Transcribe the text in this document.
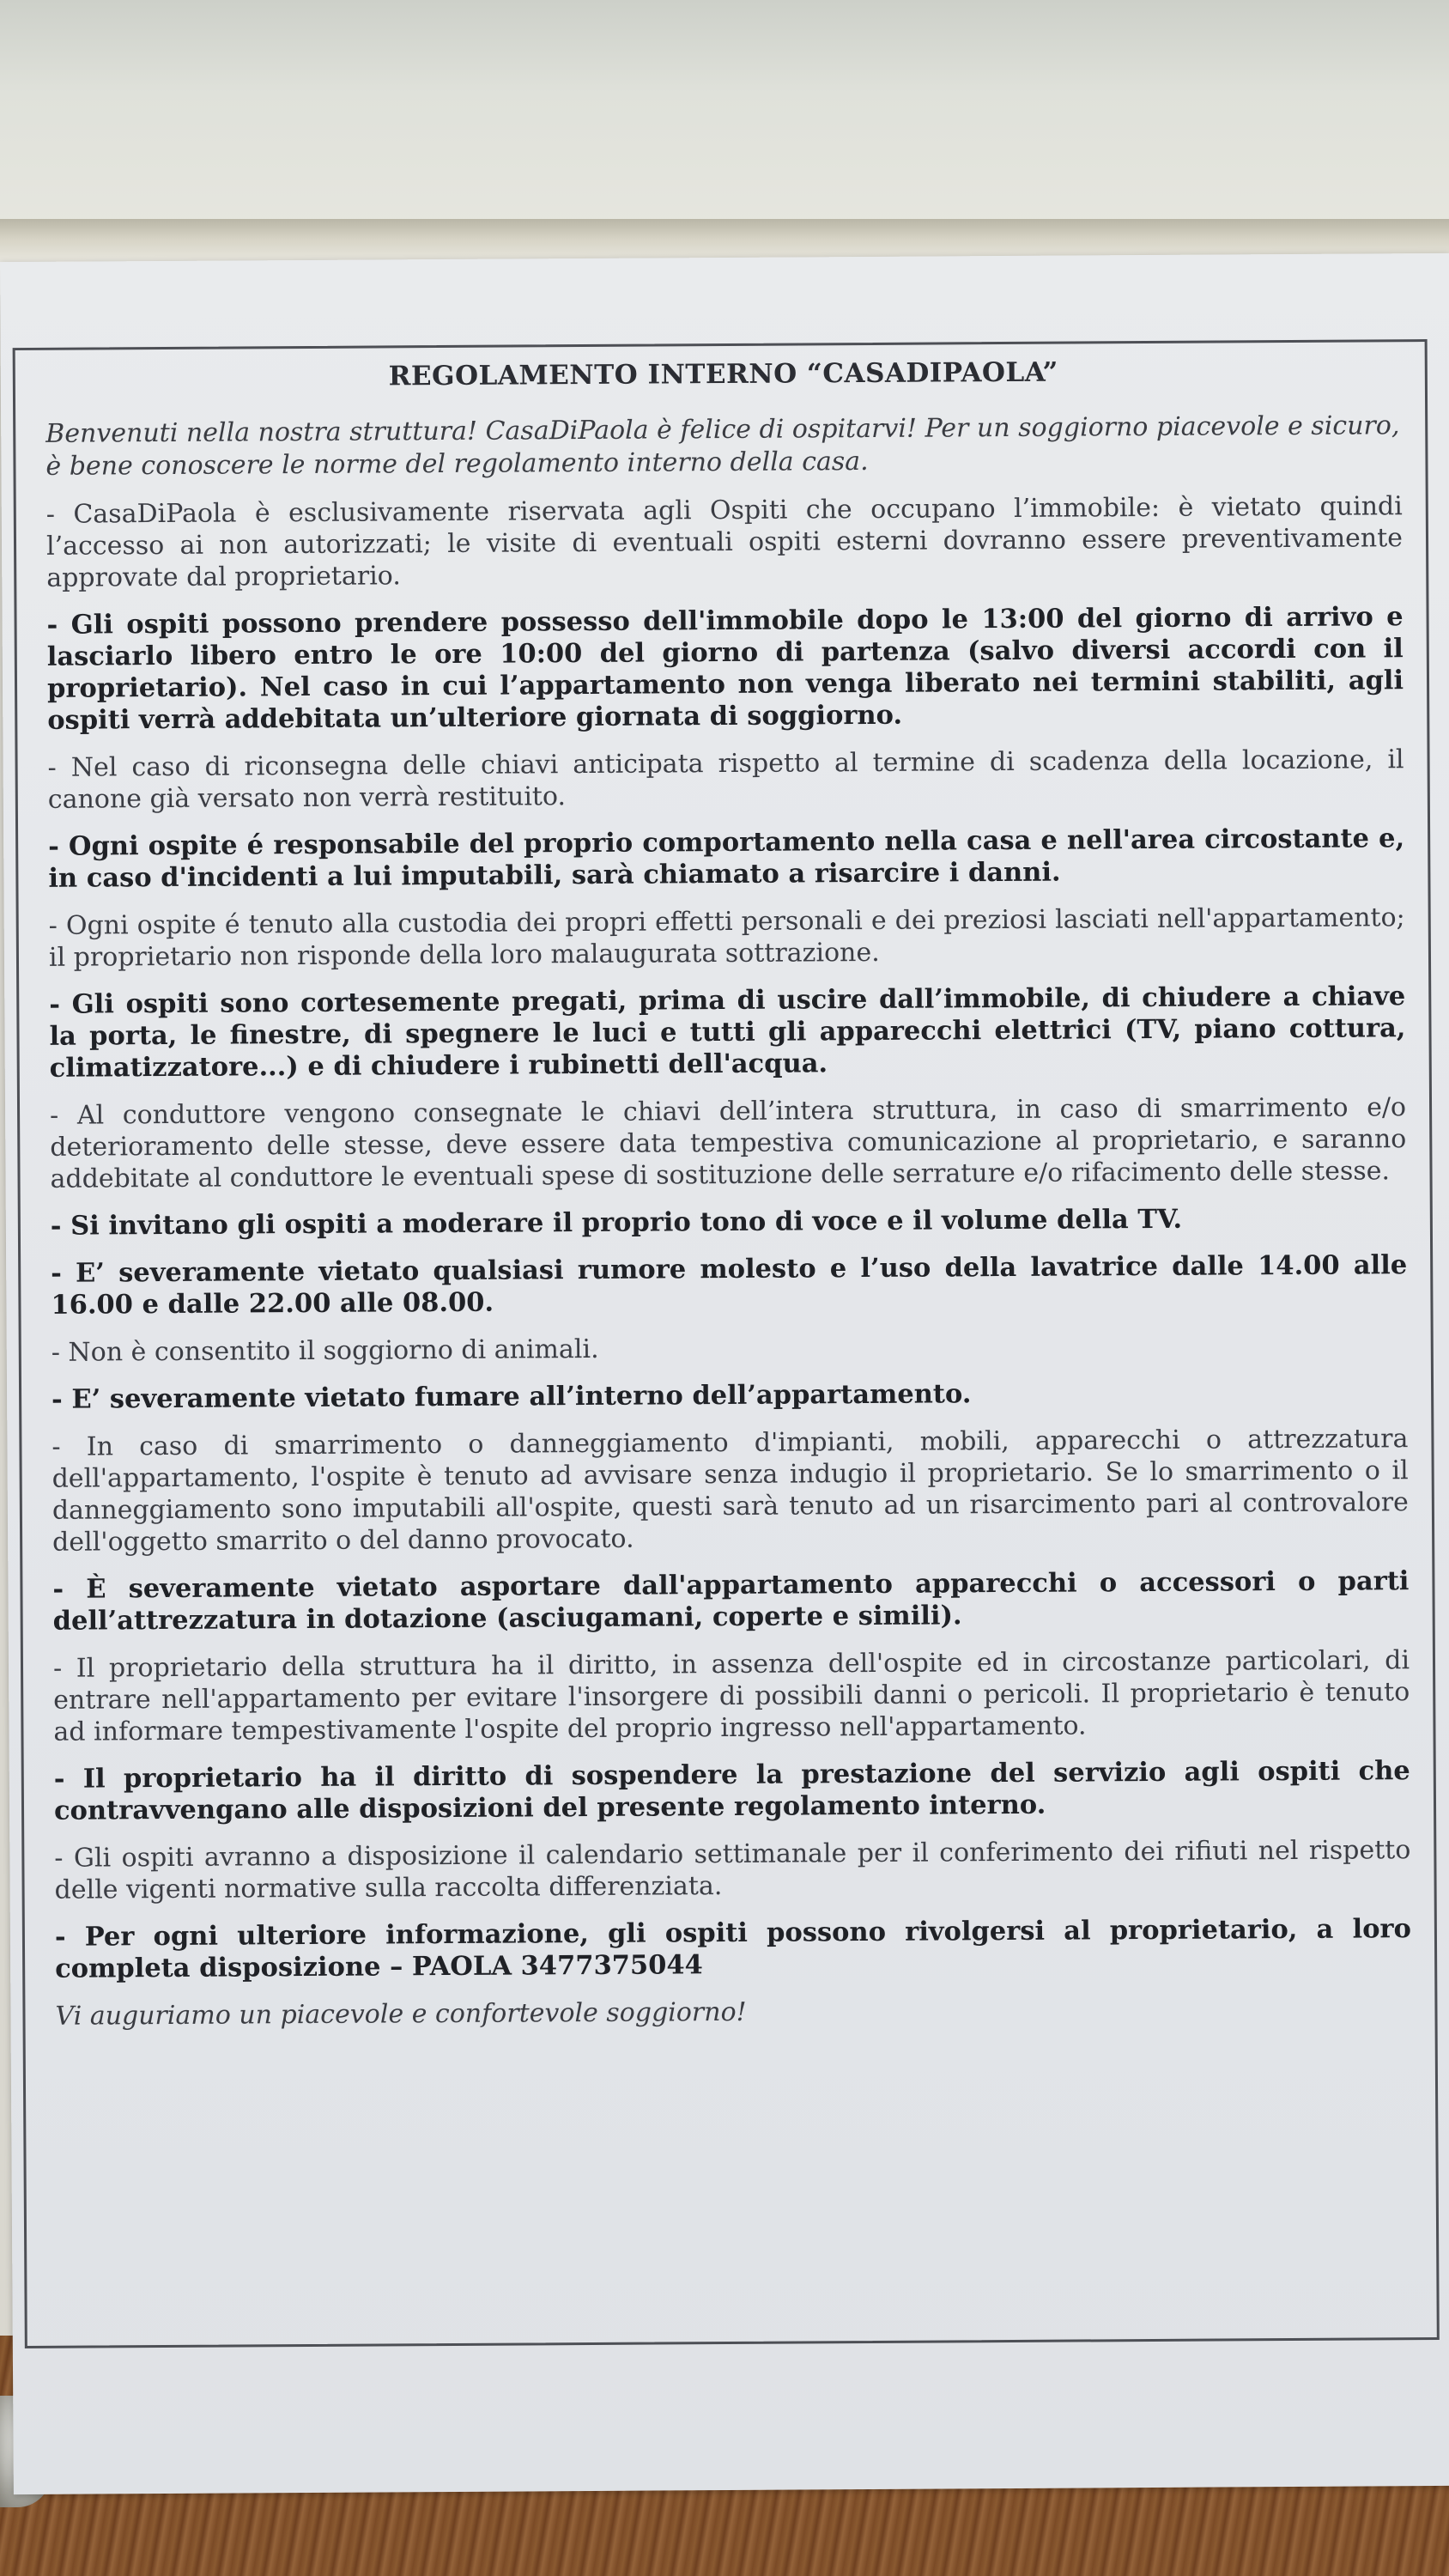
REGOLAMENTO INTERNO “CASADIPAOLA”
Benvenuti nella nostra struttura! CasaDiPaola è felice di ospitarvi! Per un soggiorno piacevole e sicuro, è bene conoscere le norme del regolamento interno della casa.
- CasaDiPaola è esclusivamente riservata agli Ospiti che occupano l’immobile: è vietato quindi l’accesso ai non autorizzati; le visite di eventuali ospiti esterni dovranno essere preventivamente approvate dal proprietario.
- Gli ospiti possono prendere possesso dell'immobile dopo le 13:00 del giorno di arrivo e lasciarlo libero entro le ore 10:00 del giorno di partenza (salvo diversi accordi con il proprietario). Nel caso in cui l’appartamento non venga liberato nei termini stabiliti, agli ospiti verrà addebitata un’ulteriore giornata di soggiorno.
- Nel caso di riconsegna delle chiavi anticipata rispetto al termine di scadenza della locazione, il canone già versato non verrà restituito.
- Ogni ospite é responsabile del proprio comportamento nella casa e nell'area circostante e, in caso d'incidenti a lui imputabili, sarà chiamato a risarcire i danni.
- Ogni ospite é tenuto alla custodia dei propri effetti personali e dei preziosi lasciati nell'appartamento; il proprietario non risponde della loro malaugurata sottrazione.
- Gli ospiti sono cortesemente pregati, prima di uscire dall’immobile, di chiudere a chiave la porta, le finestre, di spegnere le luci e tutti gli apparecchi elettrici (TV, piano cottura, climatizzatore...) e di chiudere i rubinetti dell'acqua.
- Al conduttore vengono consegnate le chiavi dell’intera struttura, in caso di smarrimento e/o deterioramento delle stesse, deve essere data tempestiva comunicazione al proprietario, e saranno addebitate al conduttore le eventuali spese di sostituzione delle serrature e/o rifacimento delle stesse.
- Si invitano gli ospiti a moderare il proprio tono di voce e il volume della TV.
- E’ severamente vietato qualsiasi rumore molesto e l’uso della lavatrice dalle 14.00 alle 16.00 e dalle 22.00 alle 08.00.
- Non è consentito il soggiorno di animali.
- E’ severamente vietato fumare all’interno dell’appartamento.
- In caso di smarrimento o danneggiamento d'impianti, mobili, apparecchi o attrezzatura dell'appartamento, l'ospite è tenuto ad avvisare senza indugio il proprietario. Se lo smarrimento o il danneggiamento sono imputabili all'ospite, questi sarà tenuto ad un risarcimento pari al controvalore dell'oggetto smarrito o del danno provocato.
- È severamente vietato asportare dall'appartamento apparecchi o accessori o parti dell’attrezzatura in dotazione (asciugamani, coperte e simili).
- Il proprietario della struttura ha il diritto, in assenza dell'ospite ed in circostanze particolari, di entrare nell'appartamento per evitare l'insorgere di possibili danni o pericoli. Il proprietario è tenuto ad informare tempestivamente l'ospite del proprio ingresso nell'appartamento.
- Il proprietario ha il diritto di sospendere la prestazione del servizio agli ospiti che contravvengano alle disposizioni del presente regolamento interno.
- Gli ospiti avranno a disposizione il calendario settimanale per il conferimento dei rifiuti nel rispetto delle vigenti normative sulla raccolta differenziata.
- Per ogni ulteriore informazione, gli ospiti possono rivolgersi al proprietario, a loro completa disposizione – PAOLA 3477375044
Vi auguriamo un piacevole e confortevole soggiorno!
